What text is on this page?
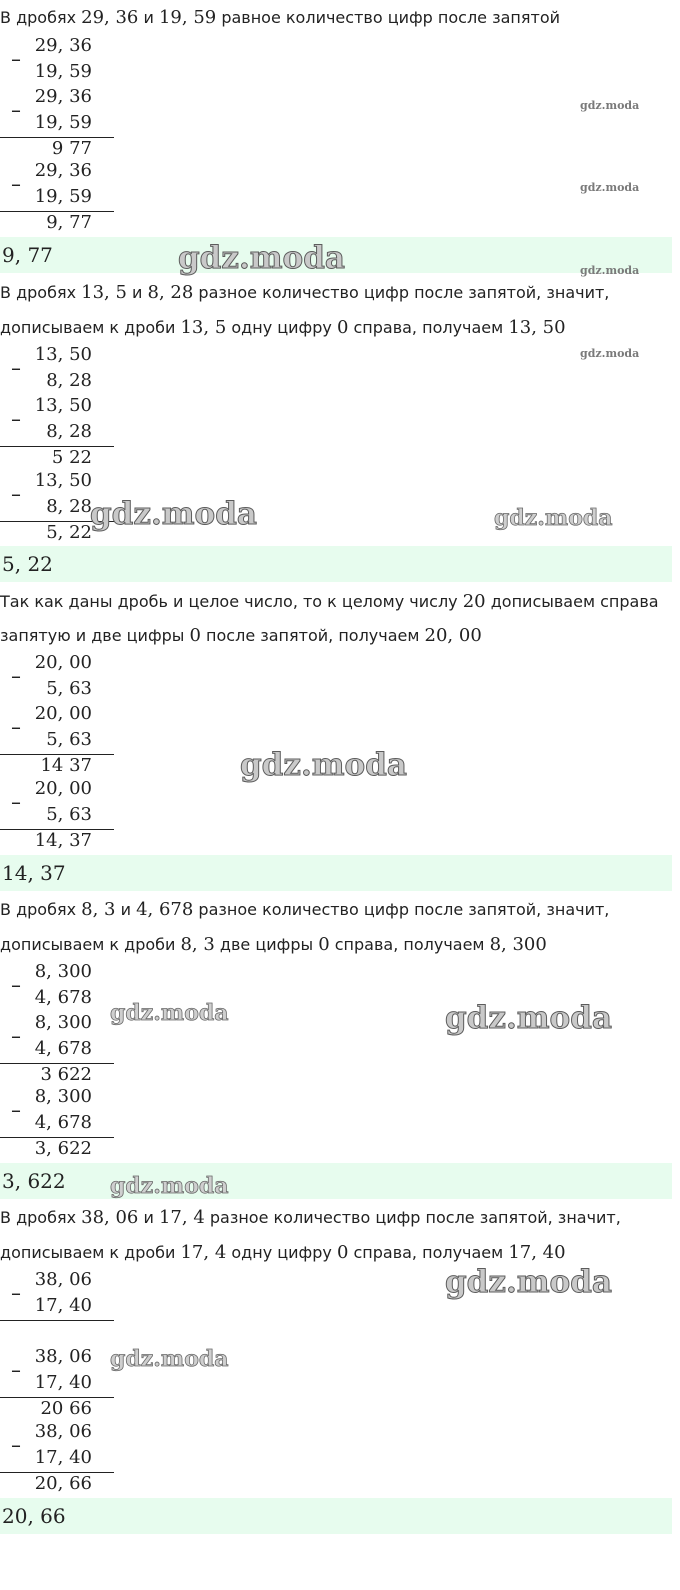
В дробях 29, 36 и 19, 59 равное количество цифр после запятой
–
29, 36
19, 59
–
29, 36
19, 59
9 77
–
29, 36
19, 59
9, 77
9, 77
В дробях 13, 5 и 8, 28 разное количество цифр после запятой, значит,
дописываем к дроби 13, 5 одну цифру 0 справа, получаем 13, 50
–
13, 50
8, 28
–
13, 50
8, 28
5 22
–
13, 50
8, 28
5, 22
5, 22
Так как даны дробь и целое число, то к целому числу 20 дописываем справа
запятую и две цифры 0 после запятой, получаем 20, 00
–
20, 00
5, 63
–
20, 00
5, 63
14 37
–
20, 00
5, 63
14, 37
14, 37
В дробях 8, 3 и 4, 678 разное количество цифр после запятой, значит,
дописываем к дроби 8, 3 две цифры 0 справа, получаем 8, 300
–
8, 300
4, 678
–
8, 300
4, 678
3 622
–
8, 300
4, 678
3, 622
3, 622
В дробях 38, 06 и 17, 4 разное количество цифр после запятой, значит,
дописываем к дроби 17, 4 одну цифру 0 справа, получаем 17, 40
–
38, 06
17, 40
–
38, 06
17, 40
20 66
–
38, 06
17, 40
20, 66
20, 66
gdz.moda
gdz.moda
gdz.moda	gdz.moda
gdz.moda
gdz.moda	gdz.moda
gdz.moda
gdz.moda	gdz.moda
gdz.moda
gdz.moda
gdz.moda
